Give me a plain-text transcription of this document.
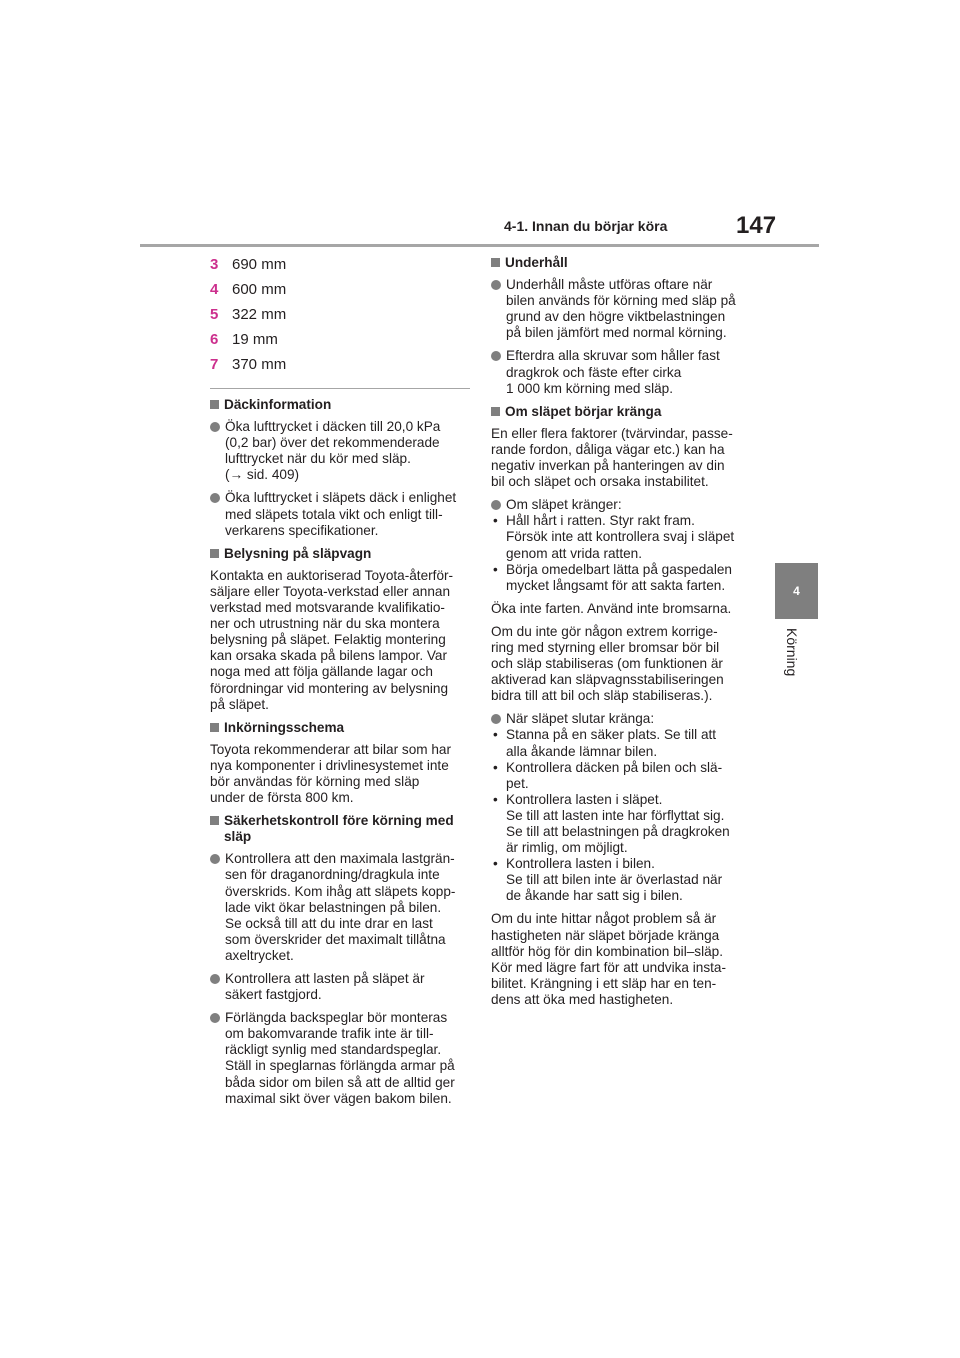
4-1. Innan du börjar köra	147
4
Körning
3 690 mm
4 600 mm
5 322 mm
6 19 mm
7 370 mm
Däckinformation
Öka lufttrycket i däcken till 20,0 kPa
(0,2 bar) över det rekommenderade
lufttrycket när du kör med släp.
(→ sid. 409)
Öka lufttrycket i släpets däck i enlighet
med släpets totala vikt och enligt till-
verkarens specifikationer.
Belysning på släpvagn
Kontakta en auktoriserad Toyota-återför-
säljare eller Toyota-verkstad eller annan
verkstad med motsvarande kvalifikatio-
ner och utrustning när du ska montera
belysning på släpet. Felaktig montering
kan orsaka skada på bilens lampor. Var
noga med att följa gällande lagar och
förordningar vid montering av belysning
på släpet.
Inkörningsschema
Toyota rekommenderar att bilar som har
nya komponenter i drivlinesystemet inte
bör användas för körning med släp
under de första 800 km.
Säkerhetskontroll före körning med
släp
Kontrollera att den maximala lastgrän-
sen för draganordning/dragkula inte
överskrids. Kom ihåg att släpets kopp-
lade vikt ökar belastningen på bilen.
Se också till att du inte drar en last
som överskrider det maximalt tillåtna
axeltrycket.
Kontrollera att lasten på släpet är
säkert fastgjord.
Förlängda backspeglar bör monteras
om bakomvarande trafik inte är till-
räckligt synlig med standardspeglar.
Ställ in speglarnas förlängda armar på
båda sidor om bilen så att de alltid ger
maximal sikt över vägen bakom bilen.
Underhåll
Underhåll måste utföras oftare när
bilen används för körning med släp på
grund av den högre viktbelastningen
på bilen jämfört med normal körning.
Efterdra alla skruvar som håller fast
dragkrok och fäste efter cirka
1 000 km körning med släp.
Om släpet börjar kränga
En eller flera faktorer (tvärvindar, passe-
rande fordon, dåliga vägar etc.) kan ha
negativ inverkan på hanteringen av din
bil och släpet och orsaka instabilitet.
Om släpet kränger:
• Håll hårt i ratten. Styr rakt fram.
Försök inte att kontrollera svaj i släpet
genom att vrida ratten.
• Börja omedelbart lätta på gaspedalen
mycket långsamt för att sakta farten.
Öka inte farten. Använd inte bromsarna.
Om du inte gör någon extrem korrige-
ring med styrning eller bromsar bör bil
och släp stabiliseras (om funktionen är
aktiverad kan släpvagnsstabiliseringen
bidra till att bil och släp stabiliseras.).
När släpet slutar kränga:
• Stanna på en säker plats. Se till att
alla åkande lämnar bilen.
• Kontrollera däcken på bilen och slä-
pet.
• Kontrollera lasten i släpet.
Se till att lasten inte har förflyttat sig.
Se till att belastningen på dragkroken
är rimlig, om möjligt.
• Kontrollera lasten i bilen.
Se till att bilen inte är överlastad när
de åkande har satt sig i bilen.
Om du inte hittar något problem så är
hastigheten när släpet började kränga
alltför hög för din kombination bil–släp.
Kör med lägre fart för att undvika insta-
bilitet. Krängning i ett släp har en ten-
dens att öka med hastigheten.
